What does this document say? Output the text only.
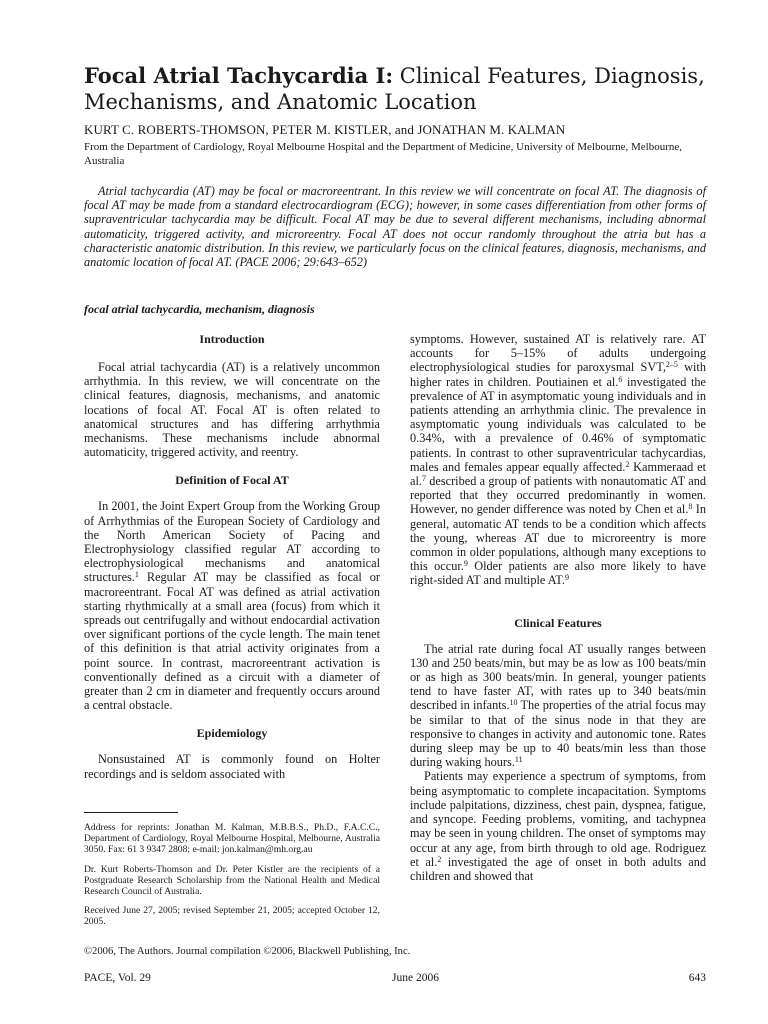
Focal Atrial Tachycardia I: Clinical Features, Diagnosis, Mechanisms, and Anatomic Location
KURT C. ROBERTS-THOMSON, PETER M. KISTLER, and JONATHAN M. KALMAN
From the Department of Cardiology, Royal Melbourne Hospital and the Department of Medicine, University of Melbourne, Melbourne, Australia

Atrial tachycardia (AT) may be focal or macroreentrant. In this review we will concentrate on focal AT. The diagnosis of focal AT may be made from a standard electrocardiogram (ECG); however, in some cases differentiation from other forms of supraventricular tachycardia may be difficult. Focal AT may be due to several different mechanisms, including abnormal automaticity, triggered activity, and microreentry. Focal AT does not occur randomly throughout the atria but has a characteristic anatomic distribution. In this review, we particularly focus on the clinical features, diagnosis, mechanisms, and anatomic location of focal AT. (PACE 2006; 29:643–652)

focal atrial tachycardia, mechanism, diagnosis
Introduction

Focal atrial tachycardia (AT) is a relatively uncommon arrhythmia. In this review, we will concentrate on the clinical features, diagnosis, mechanisms, and anatomic locations of focal AT. Focal AT is often related to anatomical structures and has differing arrhythmia mechanisms. These mechanisms include abnormal automaticity, triggered activity, and reentry.

Definition of Focal AT

In 2001, the Joint Expert Group from the Working Group of Arrhythmias of the European Society of Cardiology and the North American Society of Pacing and Electrophysiology classified regular AT according to electrophysiological mechanisms and anatomical structures.$^1$ Regular AT may be classified as focal or macroreentrant. Focal AT was defined as atrial activation starting rhythmically at a small area (focus) from which it spreads out centrifugally and without endocardial activation over significant portions of the cycle length. The main tenet of this definition is that atrial activity originates from a point source. In contrast, macroreentrant activation is conventionally defined as a circuit with a diameter of greater than 2 cm in diameter and frequently occurs around a central obstacle.

Epidemiology

Nonsustained AT is commonly found on Holter recordings and is seldom associated with

Address for reprints: Jonathan M. Kalman, M.B.B.S., Ph.D., F.A.C.C., Department of Cardiology, Royal Melbourne Hospital, Melbourne, Australia 3050. Fax: 61 3 9347 2808; e-mail: jon.kalman@mh.org.au

Dr. Kurt Roberts-Thomson and Dr. Peter Kistler are the recipients of a Postgraduate Research Scholarship from the National Health and Medical Research Council of Australia.

Received June 27, 2005; revised September 21, 2005; accepted October 12, 2005.

symptoms. However, sustained AT is relatively rare. AT accounts for 5–15% of adults undergoing electrophysiological studies for paroxysmal SVT,$^{2-5}$ with higher rates in children. Poutiainen et al.$^6$ investigated the prevalence of AT in asymptomatic young individuals and in patients attending an arrhythmia clinic. The prevalence in asymptomatic young individuals was calculated to be 0.34%, with a prevalence of 0.46% of symptomatic patients. In contrast to other supraventricular tachycardias, males and females appear equally affected.$^2$ Kammeraad et al.$^7$ described a group of patients with nonautomatic AT and reported that they occurred predominantly in women. However, no gender difference was noted by Chen et al.$^8$ In general, automatic AT tends to be a condition which affects the young, whereas AT due to microreentry is more common in older populations, although many exceptions to this occur.$^9$ Older patients are also more likely to have right-sided AT and multiple AT.$^9$

Clinical Features

The atrial rate during focal AT usually ranges between 130 and 250 beats/min, but may be as low as 100 beats/min or as high as 300 beats/min. In general, younger patients tend to have faster AT, with rates up to 340 beats/min described in infants.$^{10}$ The properties of the atrial focus may be similar to that of the sinus node in that they are responsive to changes in activity and autonomic tone. Rates during sleep may be up to 40 beats/min less than those during waking hours.$^{11}$

Patients may experience a spectrum of symptoms, from being asymptomatic to complete incapacitation. Symptoms include palpitations, dizziness, chest pain, dyspnea, fatigue, and syncope. Feeding problems, vomiting, and tachypnea may be seen in young children. The onset of symptoms may occur at any age, from birth through to old age. Rodriguez et al.$^2$ investigated the age of onset in both adults and children and showed that

©2006, The Authors. Journal compilation ©2006, Blackwell Publishing, Inc.
PACE, Vol. 29	June 2006	643
